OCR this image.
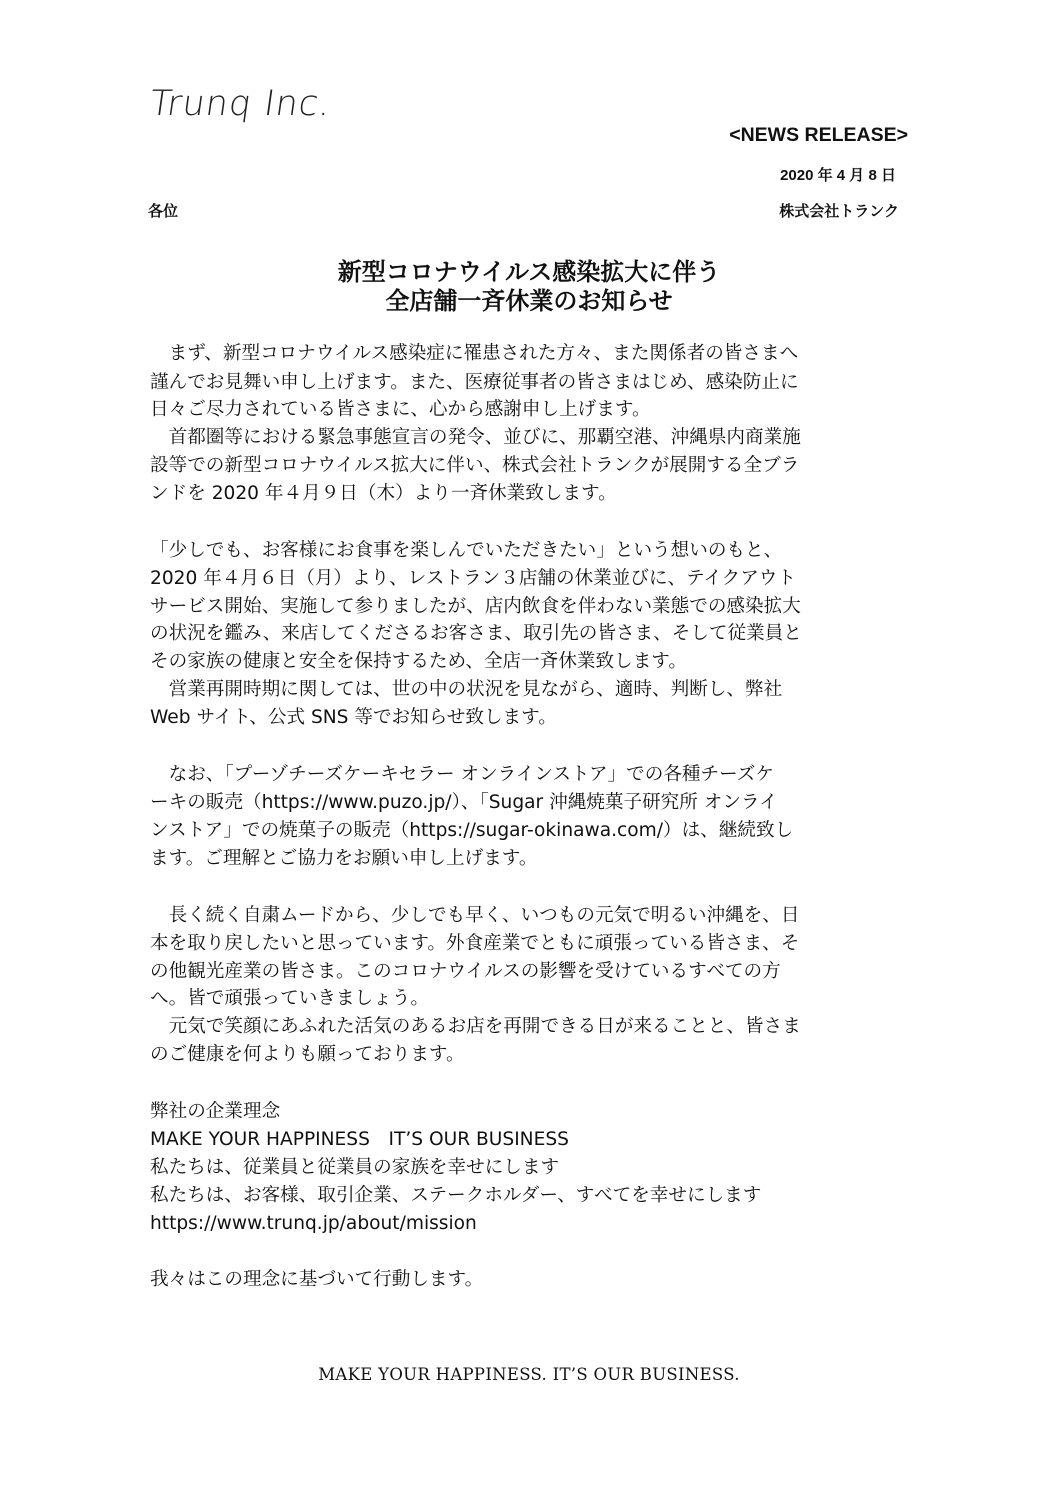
Trunq Inc.
<NEWS RELEASE>
2020 年 4 月 8 日
各位	株式会社トランク
新型コロナウイルス感染拡大に伴う
全店舗一斉休業のお知らせ
　まず、新型コロナウイルス感染症に罹患された方々、また関係者の皆さまへ
謹んでお見舞い申し上げます。また、医療従事者の皆さまはじめ、感染防止に
日々ご尽力されている皆さまに、心から感謝申し上げます。
　首都圏等における緊急事態宣言の発令、並びに、那覇空港、沖縄県内商業施
設等での新型コロナウイルス拡大に伴い、株式会社トランクが展開する全ブラ
ンドを 2020 年４月９日（木）より一斉休業致します。
「少しでも、お客様にお食事を楽しんでいただきたい」という想いのもと、
2020 年４月６日（月）より、レストラン３店舗の休業並びに、テイクアウト
サービス開始、実施して参りましたが、店内飲食を伴わない業態での感染拡大
の状況を鑑み、来店してくださるお客さま、取引先の皆さま、そして従業員と
その家族の健康と安全を保持するため、全店一斉休業致します。
　営業再開時期に関しては、世の中の状況を見ながら、適時、判断し、弊社
Web サイト、公式 SNS 等でお知らせ致します。
　なお、「プーゾチーズケーキセラー オンラインストア」での各種チーズケ
ーキの販売（https://www.puzo.jp/）、「Sugar 沖縄焼菓子研究所 オンライ
ンストア」での焼菓子の販売（https://sugar-okinawa.com/）は、継続致し
ます。ご理解とご協力をお願い申し上げます。
　長く続く自粛ムードから、少しでも早く、いつもの元気で明るい沖縄を、日
本を取り戻したいと思っています。外食産業でともに頑張っている皆さま、そ
の他観光産業の皆さま。このコロナウイルスの影響を受けているすべての方
へ。皆で頑張っていきましょう。
　元気で笑顔にあふれた活気のあるお店を再開できる日が来ることと、皆さま
のご健康を何よりも願っております。
弊社の企業理念
MAKE YOUR HAPPINESS　IT’S OUR BUSINESS
私たちは、従業員と従業員の家族を幸せにします
私たちは、お客様、取引企業、ステークホルダー、すべてを幸せにします
https://www.trunq.jp/about/mission
我々はこの理念に基づいて行動します。
MAKE YOUR HAPPINESS. IT’S OUR BUSINESS.
